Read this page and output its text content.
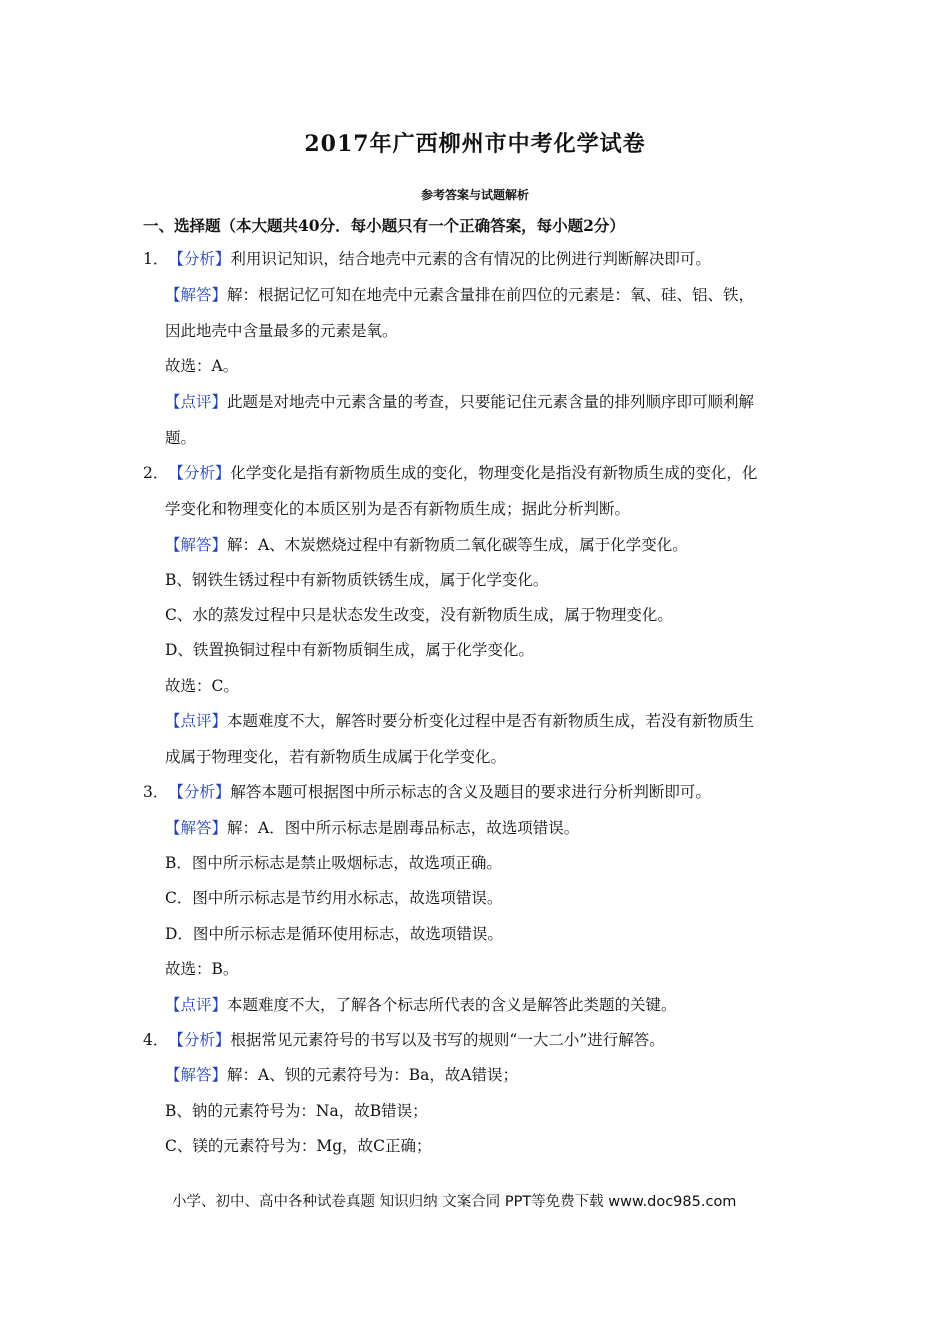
2017年广西柳州市中考化学试卷
参考答案与试题解析
一、选择题（本大题共40分．每小题只有一个正确答案，每小题2分）
1．【分析】利用识记知识，结合地壳中元素的含有情况的比例进行判断解决即可。
【解答】解：根据记忆可知在地壳中元素含量排在前四位的元素是：氧、硅、铝、铁，
因此地壳中含量最多的元素是氧。
故选：A。
【点评】此题是对地壳中元素含量的考查，只要能记住元素含量的排列顺序即可顺利解
题。
2．【分析】化学变化是指有新物质生成的变化，物理变化是指没有新物质生成的变化，化
学变化和物理变化的本质区别为是否有新物质生成；据此分析判断。
【解答】解：A、木炭燃烧过程中有新物质二氧化碳等生成，属于化学变化。
B、钢铁生锈过程中有新物质铁锈生成，属于化学变化。
C、水的蒸发过程中只是状态发生改变，没有新物质生成，属于物理变化。
D、铁置换铜过程中有新物质铜生成，属于化学变化。
故选：C。
【点评】本题难度不大，解答时要分析变化过程中是否有新物质生成，若没有新物质生
成属于物理变化，若有新物质生成属于化学变化。
3．【分析】解答本题可根据图中所示标志的含义及题目的要求进行分析判断即可。
【解答】解：A．图中所示标志是剧毒品标志，故选项错误。
B．图中所示标志是禁止吸烟标志，故选项正确。
C．图中所示标志是节约用水标志，故选项错误。
D．图中所示标志是循环使用标志，故选项错误。
故选：B。
【点评】本题难度不大，了解各个标志所代表的含义是解答此类题的关键。
4．【分析】根据常见元素符号的书写以及书写的规则“一大二小”进行解答。
【解答】解：A、钡的元素符号为：Ba，故A错误；
B、钠的元素符号为：Na，故B错误；
C、镁的元素符号为：Mg，故C正确；
小学、初中、高中各种试卷真题 知识归纳 文案合同 PPT等免费下载 www.doc985.com
